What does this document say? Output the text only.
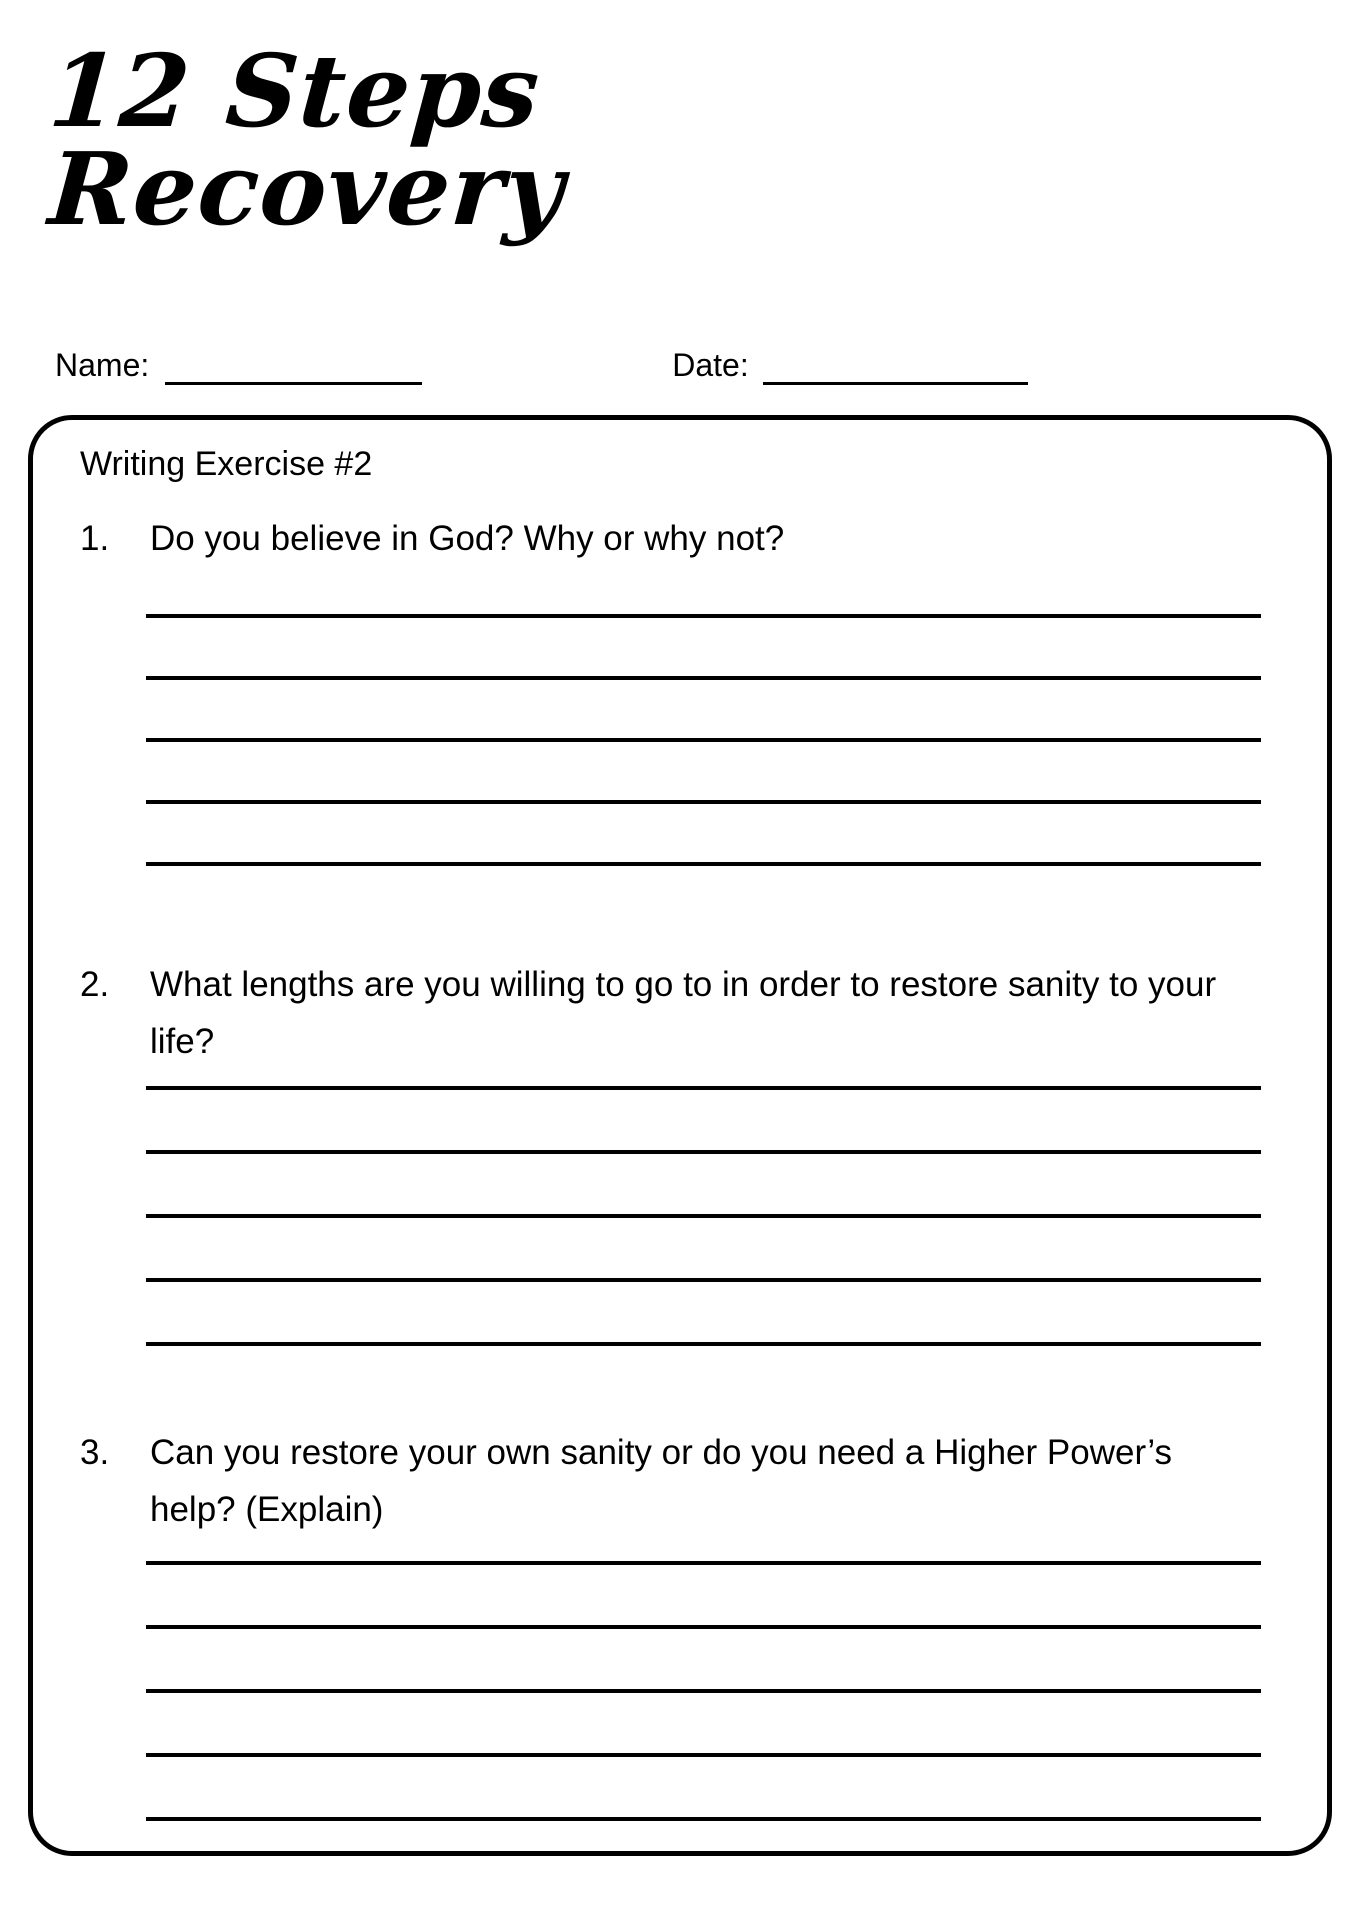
12 Steps
Recovery
Name:	Date:
Writing Exercise #2
1.	Do you believe in God? Why or why not?
2.	What lengths are you willing to go to in order to restore sanity to your life?
3.	Can you restore your own sanity or do you need a Higher Power’s help? (Explain)
